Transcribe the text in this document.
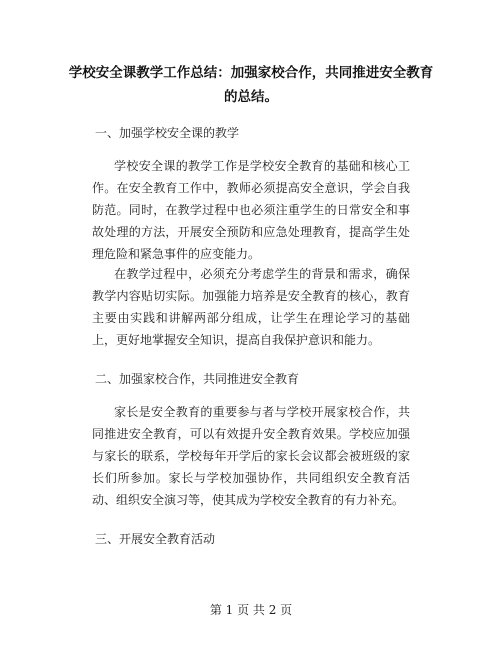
学校安全课教学工作总结：加强家校合作，共同推进安全教育
的总结。
一、加强学校安全课的教学
学校安全课的教学工作是学校安全教育的基础和核心工作。在安全教育工作中，教师必须提高安全意识，学会自我防范。同时，在教学过程中也必须注重学生的日常安全和事故处理的方法，开展安全预防和应急处理教育，提高学生处理危险和紧急事件的应变能力。
在教学过程中，必须充分考虑学生的背景和需求，确保教学内容贴切实际。加强能力培养是安全教育的核心，教育主要由实践和讲解两部分组成，让学生在理论学习的基础上，更好地掌握安全知识，提高自我保护意识和能力。
二、加强家校合作，共同推进安全教育
家长是安全教育的重要参与者与学校开展家校合作，共同推进安全教育，可以有效提升安全教育效果。学校应加强与家长的联系，学校每年开学后的家长会议都会被班级的家长们所参加。家长与学校加强协作，共同组织安全教育活动、组织安全演习等，使其成为学校安全教育的有力补充。
三、开展安全教育活动
第 1 页 共 2 页
